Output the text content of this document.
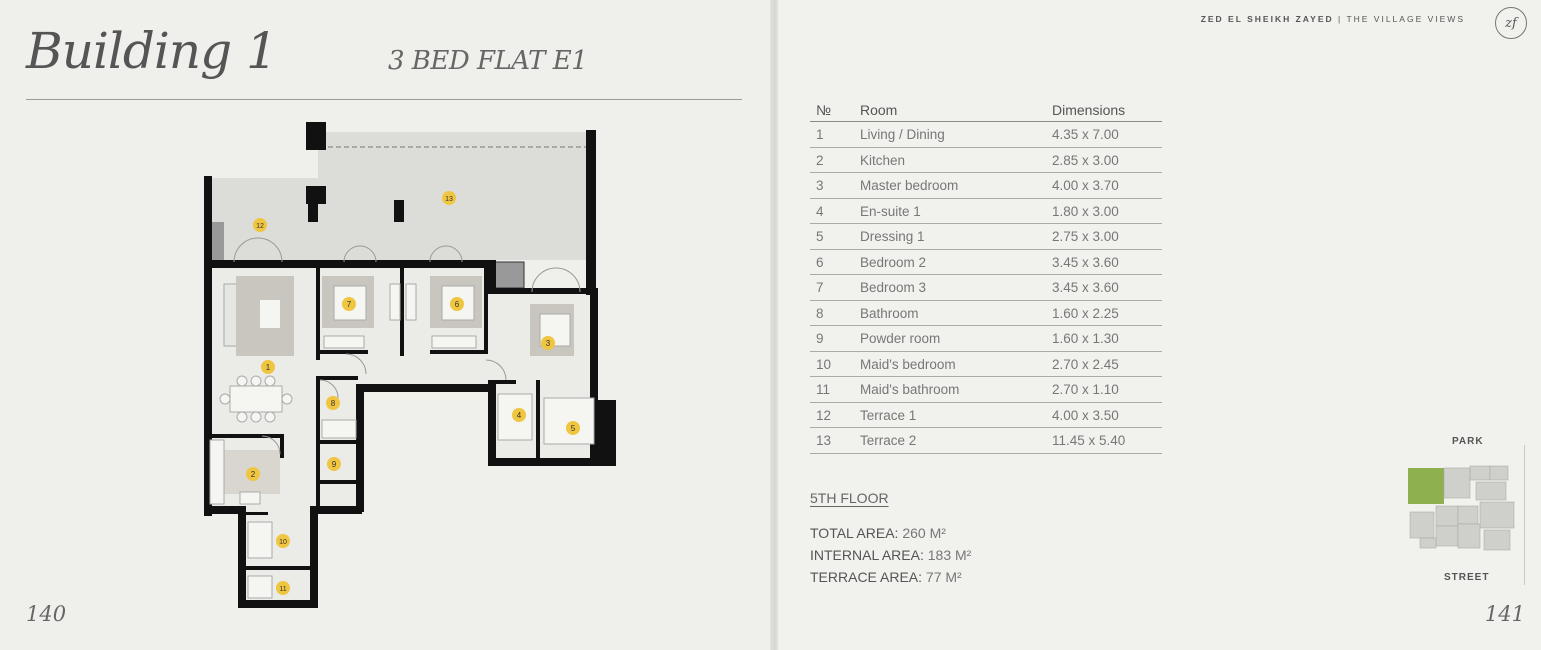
Building 1	3 BED FLAT E1
1
2
3
4
5
6
7
8
9
10
11
12
13
140
ZED EL SHEIKH ZAYED | THE VILLAGE VIEWS	zf
№	Room	Dimensions
1	Living / Dining	4.35 x 7.00
2	Kitchen	2.85 x 3.00
3	Master bedroom	4.00 x 3.70
4	En-suite 1	1.80 x 3.00
5	Dressing 1	2.75 x 3.00
6	Bedroom 2	3.45 x 3.60
7	Bedroom 3	3.45 x 3.60
8	Bathroom	1.60 x 2.25
9	Powder room	1.60 x 1.30
10	Maid's bedroom	2.70 x 2.45
11	Maid's bathroom	2.70 x 1.10
12	Terrace 1	4.00 x 3.50
13	Terrace 2	11.45 x 5.40
5TH FLOOR
TOTAL AREA: 260 M²
INTERNAL AREA: 183 M²
TERRACE AREA: 77 M²
PARK
STREET
141
